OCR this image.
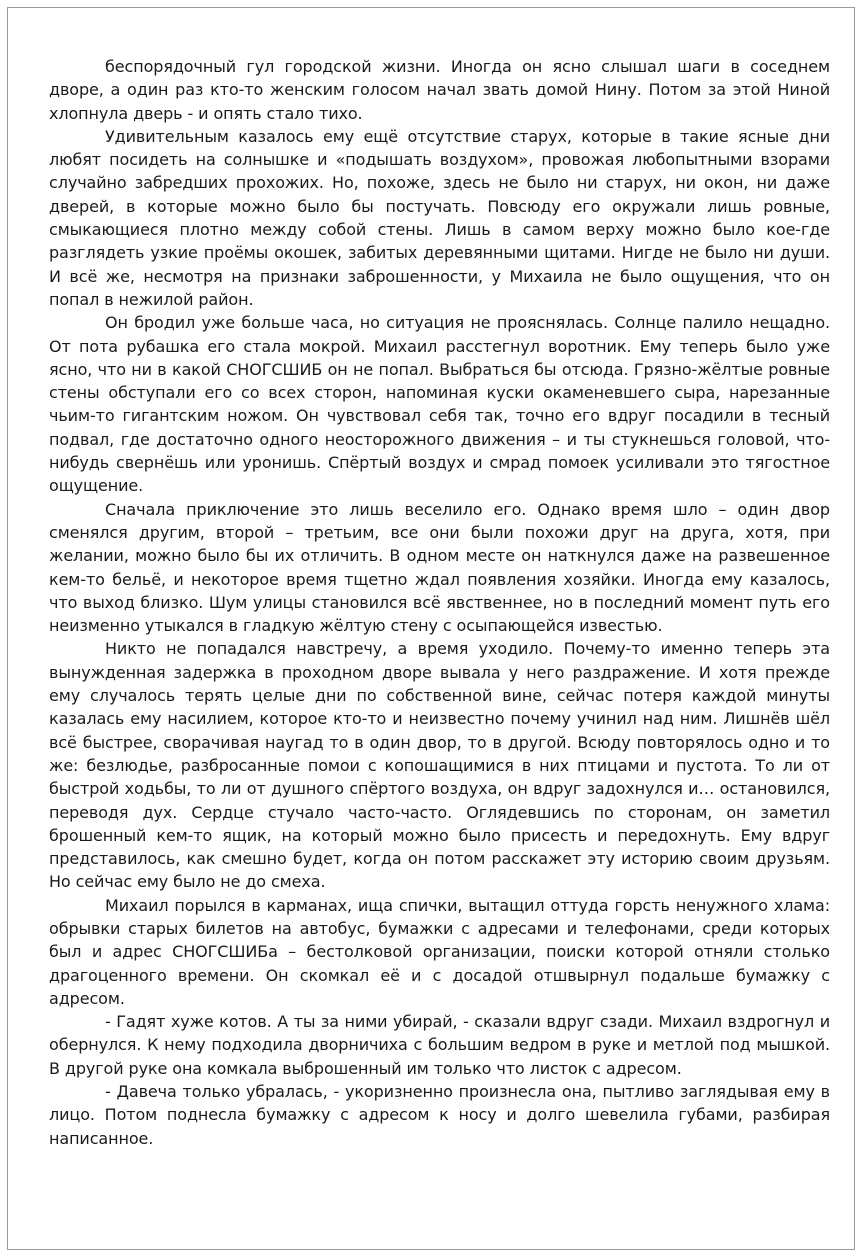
беспорядочный гул городской жизни. Иногда он ясно слышал шаги в соседнем дворе, а один раз кто-то женским голосом начал звать домой Нину. Потом за этой Ниной хлопнула дверь - и опять стало тихо.

Удивительным казалось ему ещё отсутствие старух, которые в такие ясные дни любят посидеть на солнышке и «подышать воздухом», провожая любопытными взорами случайно забредших прохожих. Но, похоже, здесь не было ни старух, ни окон, ни даже дверей, в которые можно было бы постучать. Повсюду его окружали лишь ровные, смыкающиеся плотно между собой стены. Лишь в самом верху можно было кое-где разглядеть узкие проёмы окошек, забитых деревянными щитами. Нигде не было ни души. И всё же, несмотря на признаки заброшенности, у Михаила не было ощущения, что он попал в нежилой район.

Он бродил уже больше часа, но ситуация не прояснялась. Солнце палило нещадно. От пота рубашка его стала мокрой. Михаил расстегнул воротник. Ему теперь было уже ясно, что ни в какой СНОГСШИБ он не попал. Выбраться бы отсюда. Грязно-жёлтые ровные стены обступали его со всех сторон, напоминая куски окаменевшего сыра, нарезанные чьим-то гигантским ножом. Он чувствовал себя так, точно его вдруг посадили в тесный подвал, где достаточно одного неосторожного движения – и ты стукнешься головой, что-нибудь свернёшь или уронишь. Спёртый воздух и смрад помоек усиливали это тягостное ощущение.

Сначала приключение это лишь веселило его. Однако время шло – один двор сменялся другим, второй – третьим, все они были похожи друг на друга, хотя, при желании, можно было бы их отличить. В одном месте он наткнулся даже на развешенное кем-то бельё, и некоторое время тщетно ждал появления хозяйки. Иногда ему казалось, что выход близко. Шум улицы становился всё явственнее, но в последний момент путь его неизменно утыкался в гладкую жёлтую стену с осыпающейся известью.

Никто не попадался навстречу, а время уходило. Почему-то именно теперь эта вынужденная задержка в проходном дворе вывала у него раздражение. И хотя прежде ему случалось терять целые дни по собственной вине, сейчас потеря каждой минуты казалась ему насилием, которое кто-то и неизвестно почему учинил над ним. Лишнёв шёл всё быстрее, сворачивая наугад то в один двор, то в другой. Всюду повторялось одно и то же: безлюдье, разбросанные помои с копошащимися в них птицами и пустота. То ли от быстрой ходьбы, то ли от душного спёртого воздуха, он вдруг задохнулся и… остановился, переводя дух. Сердце стучало часто-часто. Оглядевшись по сторонам, он заметил брошенный кем-то ящик, на который можно было присесть и передохнуть. Ему вдруг представилось, как смешно будет, когда он потом расскажет эту историю своим друзьям. Но сейчас ему было не до смеха.

Михаил порылся в карманах, ища спички, вытащил оттуда горсть ненужного хлама: обрывки старых билетов на автобус, бумажки с адресами и телефонами, среди которых был и адрес СНОГСШИБа – бестолковой организации, поиски которой отняли столько драгоценного времени. Он скомкал её и с досадой отшвырнул подальше бумажку с адресом.

- Гадят хуже котов. А ты за ними убирай, - сказали вдруг сзади. Михаил вздрогнул и обернулся. К нему подходила дворничиха с большим ведром в руке и метлой под мышкой. В другой руке она комкала выброшенный им только что листок с адресом.

- Давеча только убралась, - укоризненно произнесла она, пытливо заглядывая ему в лицо. Потом поднесла бумажку с адресом к носу и долго шевелила губами, разбирая написанное.
